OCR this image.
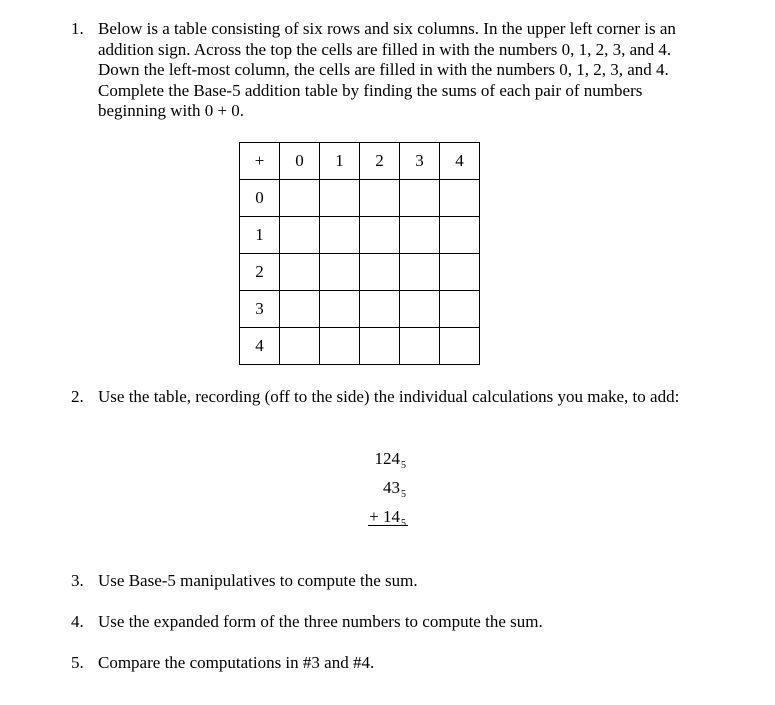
1. Below is a table consisting of six rows and six columns. In the upper left corner is an addition sign. Across the top the cells are filled in with the numbers 0, 1, 2, 3, and 4. Down the left-most column, the cells are filled in with the numbers 0, 1, 2, 3, and 4. Complete the Base-5 addition table by finding the sums of each pair of numbers beginning with 0 + 0.
+	0	1	2	3	4
0					
1					
2					
3					
4					
2. Use the table, recording (off to the side) the individual calculations you make, to add:
$124_5$
$43_5$
+ $14_5$
3. Use Base-5 manipulatives to compute the sum.
4. Use the expanded form of the three numbers to compute the sum.
5. Compare the computations in #3 and #4.
